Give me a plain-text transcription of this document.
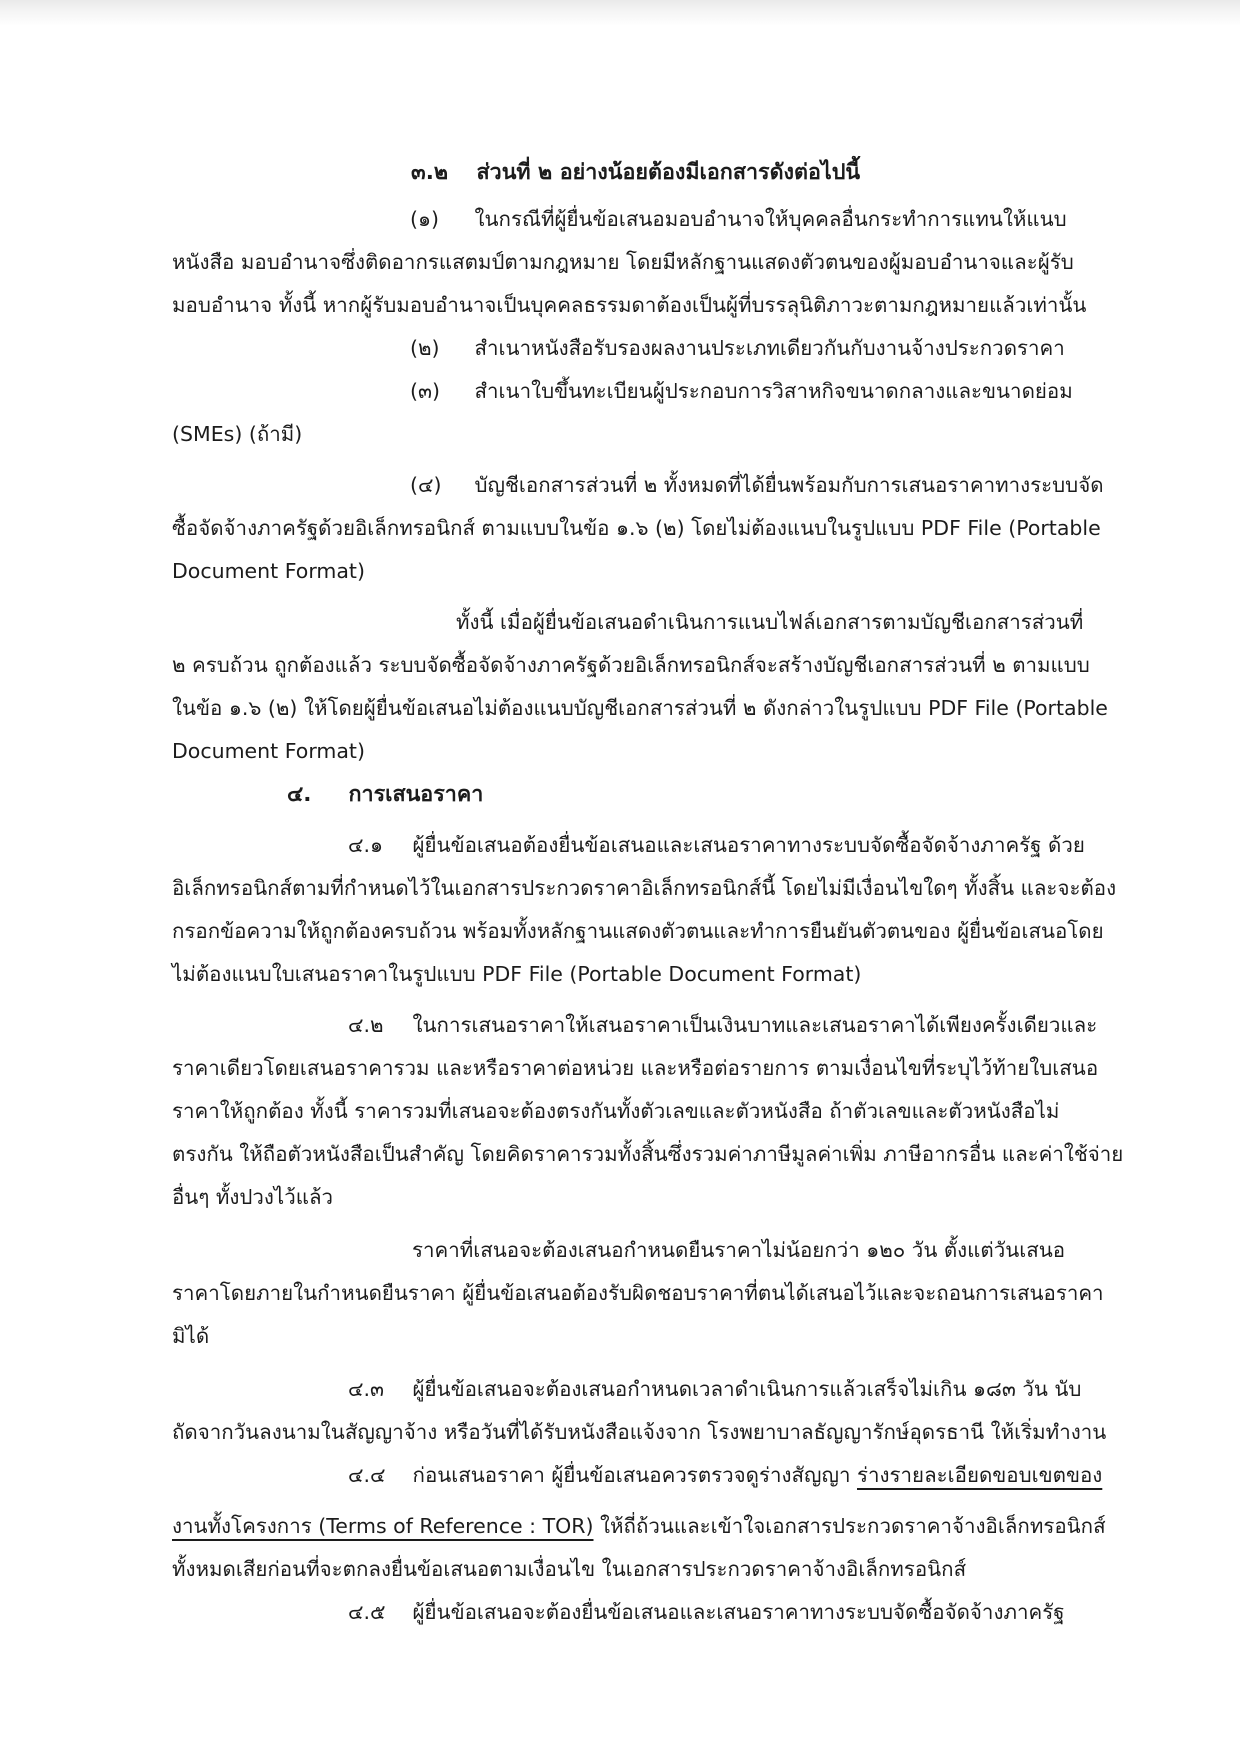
๓.๒ ส่วนที่ ๒ อย่างน้อยต้องมีเอกสารดังต่อไปนี้
(๑) ในกรณีที่ผู้ยื่นข้อเสนอมอบอำนาจให้บุคคลอื่นกระทำการแทนให้แนบ
หนังสือ มอบอำนาจซึ่งติดอากรแสตมป์ตามกฎหมาย โดยมีหลักฐานแสดงตัวตนของผู้มอบอำนาจและผู้รับ
มอบอำนาจ ทั้งนี้ หากผู้รับมอบอำนาจเป็นบุคคลธรรมดาต้องเป็นผู้ที่บรรลุนิติภาวะตามกฎหมายแล้วเท่านั้น
(๒) สำเนาหนังสือรับรองผลงานประเภทเดียวกันกับงานจ้างประกวดราคา
(๓) สำเนาใบขึ้นทะเบียนผู้ประกอบการวิสาหกิจขนาดกลางและขนาดย่อม
(SMEs) (ถ้ามี)
(๔) บัญชีเอกสารส่วนที่ ๒ ทั้งหมดที่ได้ยื่นพร้อมกับการเสนอราคาทางระบบจัด
ซื้อจัดจ้างภาครัฐด้วยอิเล็กทรอนิกส์ ตามแบบในข้อ ๑.๖ (๒) โดยไม่ต้องแนบในรูปแบบ PDF File (Portable
Document Format)
ทั้งนี้ เมื่อผู้ยื่นข้อเสนอดำเนินการแนบไฟล์เอกสารตามบัญชีเอกสารส่วนที่
๒ ครบถ้วน ถูกต้องแล้ว ระบบจัดซื้อจัดจ้างภาครัฐด้วยอิเล็กทรอนิกส์จะสร้างบัญชีเอกสารส่วนที่ ๒ ตามแบบ
ในข้อ ๑.๖ (๒) ให้โดยผู้ยื่นข้อเสนอไม่ต้องแนบบัญชีเอกสารส่วนที่ ๒ ดังกล่าวในรูปแบบ PDF File (Portable
Document Format)
๔. การเสนอราคา
๔.๑ ผู้ยื่นข้อเสนอต้องยื่นข้อเสนอและเสนอราคาทางระบบจัดซื้อจัดจ้างภาครัฐ ด้วย
อิเล็กทรอนิกส์ตามที่กำหนดไว้ในเอกสารประกวดราคาอิเล็กทรอนิกส์นี้ โดยไม่มีเงื่อนไขใดๆ ทั้งสิ้น และจะต้อง
กรอกข้อความให้ถูกต้องครบถ้วน พร้อมทั้งหลักฐานแสดงตัวตนและทำการยืนยันตัวตนของ ผู้ยื่นข้อเสนอโดย
ไม่ต้องแนบใบเสนอราคาในรูปแบบ PDF File (Portable Document Format)
๔.๒ ในการเสนอราคาให้เสนอราคาเป็นเงินบาทและเสนอราคาได้เพียงครั้งเดียวและ
ราคาเดียวโดยเสนอราคารวม และหรือราคาต่อหน่วย และหรือต่อรายการ ตามเงื่อนไขที่ระบุไว้ท้ายใบเสนอ
ราคาให้ถูกต้อง ทั้งนี้ ราคารวมที่เสนอจะต้องตรงกันทั้งตัวเลขและตัวหนังสือ ถ้าตัวเลขและตัวหนังสือไม่
ตรงกัน ให้ถือตัวหนังสือเป็นสำคัญ โดยคิดราคารวมทั้งสิ้นซึ่งรวมค่าภาษีมูลค่าเพิ่ม ภาษีอากรอื่น และค่าใช้จ่าย
อื่นๆ ทั้งปวงไว้แล้ว
ราคาที่เสนอจะต้องเสนอกำหนดยืนราคาไม่น้อยกว่า ๑๒๐ วัน ตั้งแต่วันเสนอ
ราคาโดยภายในกำหนดยืนราคา ผู้ยื่นข้อเสนอต้องรับผิดชอบราคาที่ตนได้เสนอไว้และจะถอนการเสนอราคา
มิได้
๔.๓ ผู้ยื่นข้อเสนอจะต้องเสนอกำหนดเวลาดำเนินการแล้วเสร็จไม่เกิน ๑๘๓ วัน นับ
ถัดจากวันลงนามในสัญญาจ้าง หรือวันที่ได้รับหนังสือแจ้งจาก โรงพยาบาลธัญญารักษ์อุดรธานี ให้เริ่มทำงาน
๔.๔ ก่อนเสนอราคา ผู้ยื่นข้อเสนอควรตรวจดูร่างสัญญา ร่างรายละเอียดขอบเขตของ
งานทั้งโครงการ (Terms of Reference : TOR) ให้ถี่ถ้วนและเข้าใจเอกสารประกวดราคาจ้างอิเล็กทรอนิกส์
ทั้งหมดเสียก่อนที่จะตกลงยื่นข้อเสนอตามเงื่อนไข ในเอกสารประกวดราคาจ้างอิเล็กทรอนิกส์
๔.๕ ผู้ยื่นข้อเสนอจะต้องยื่นข้อเสนอและเสนอราคาทางระบบจัดซื้อจัดจ้างภาครัฐ
